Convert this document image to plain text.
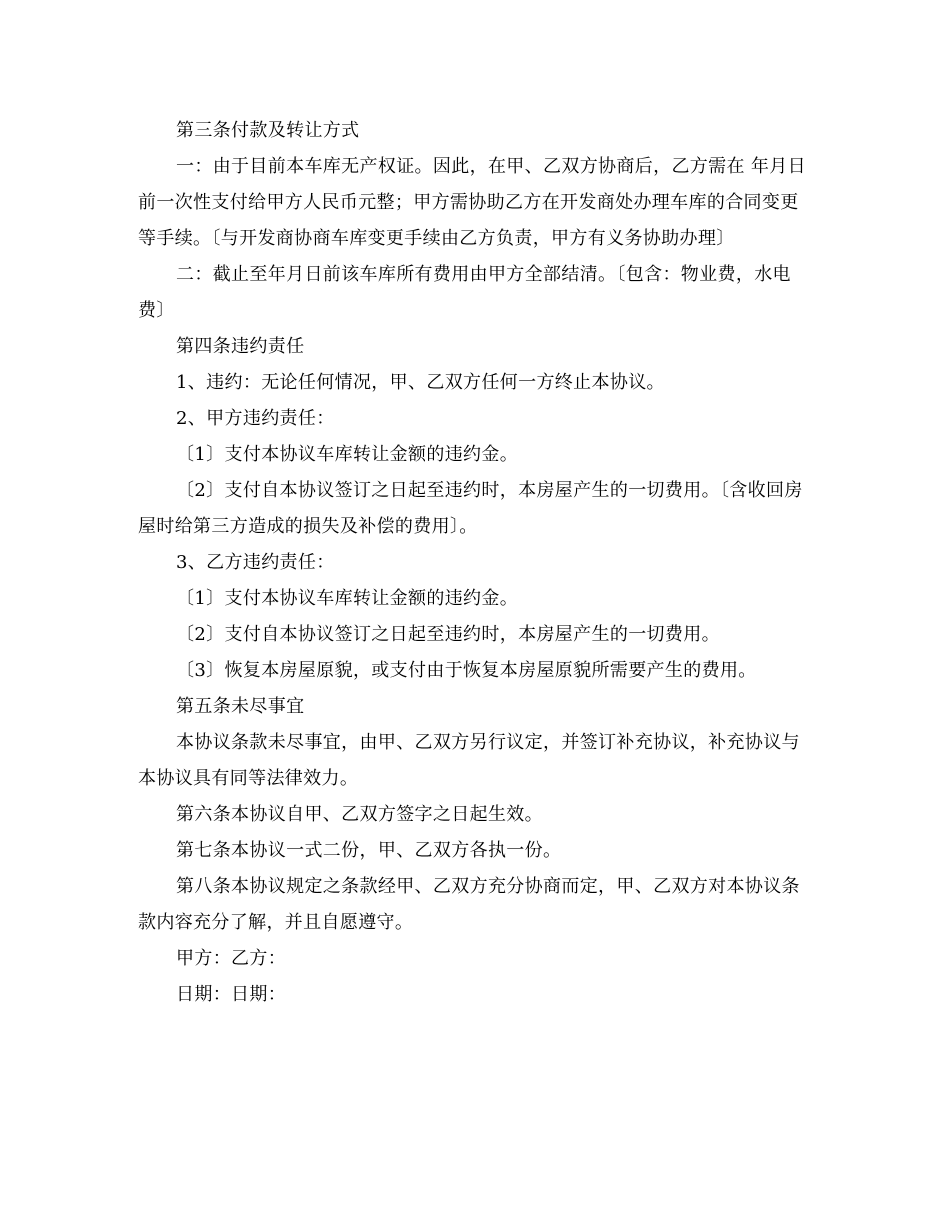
第三条付款及转让方式

一：由于目前本车库无产权证。因此，在甲、乙双方协商后，乙方需在 年月日前一次性支付给甲方人民币元整；甲方需协助乙方在开发商处办理车库的合同变更等手续。〔与开发商协商车库变更手续由乙方负责，甲方有义务协助办理〕

二：截止至年月日前该车库所有费用由甲方全部结清。〔包含：物业费，水电费〕

第四条违约责任

1、违约：无论任何情况，甲、乙双方任何一方终止本协议。

2、甲方违约责任：

〔1〕支付本协议车库转让金额的违约金。

〔2〕支付自本协议签订之日起至违约时，本房屋产生的一切费用。〔含收回房屋时给第三方造成的损失及补偿的费用〕。

3、乙方违约责任：

〔1〕支付本协议车库转让金额的违约金。

〔2〕支付自本协议签订之日起至违约时，本房屋产生的一切费用。

〔3〕恢复本房屋原貌，或支付由于恢复本房屋原貌所需要产生的费用。

第五条未尽事宜

本协议条款未尽事宜，由甲、乙双方另行议定，并签订补充协议，补充协议与本协议具有同等法律效力。

第六条本协议自甲、乙双方签字之日起生效。

第七条本协议一式二份，甲、乙双方各执一份。

第八条本协议规定之条款经甲、乙双方充分协商而定，甲、乙双方对本协议条款内容充分了解，并且自愿遵守。

甲方：乙方：

日期：日期：
